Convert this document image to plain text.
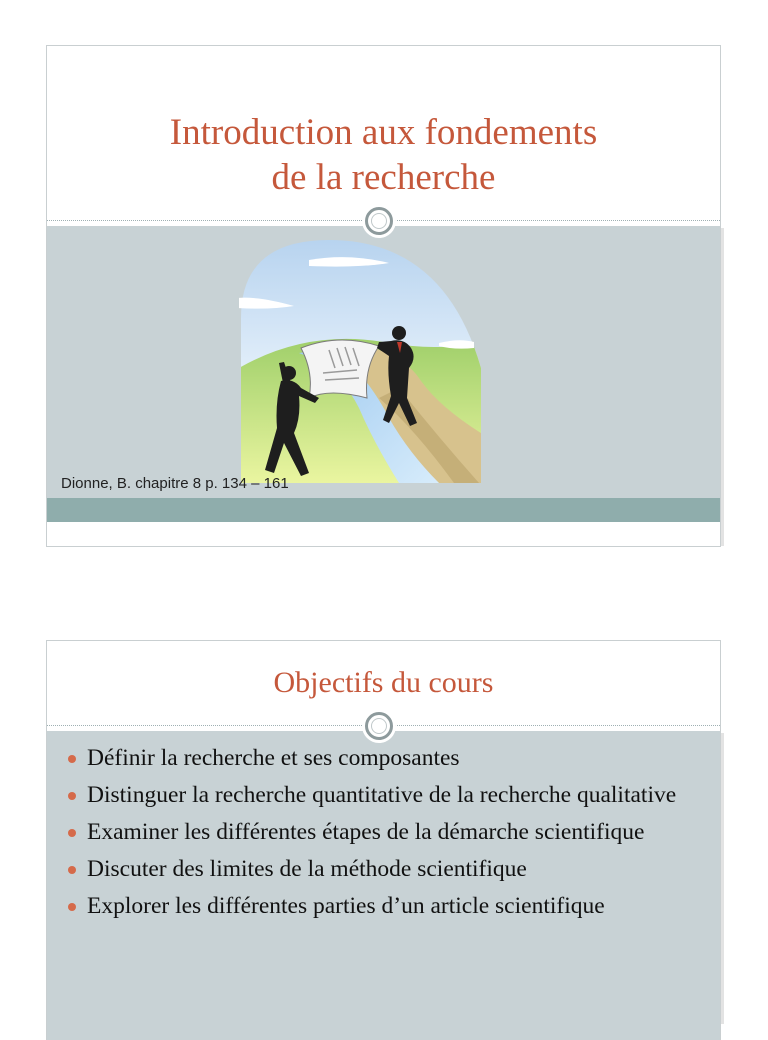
Introduction aux fondements
de la recherche
Dionne, B. chapitre 8 p. 134 – 161
Objectifs du cours
Définir la recherche et ses composantes
Distinguer la recherche quantitative de la recherche qualitative
Examiner les différentes étapes de la démarche scientifique
Discuter des limites de la méthode scientifique
Explorer les différentes parties d’un article scientifique
